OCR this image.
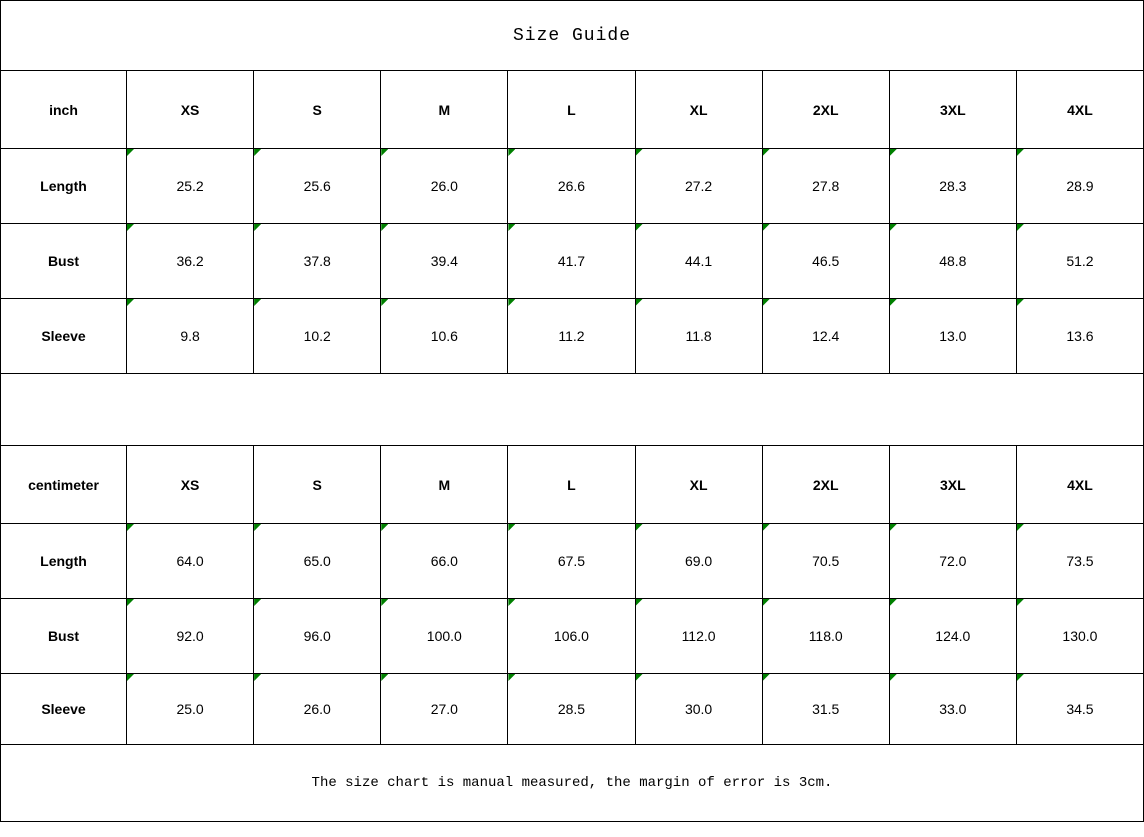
Size Guide								
inch	XS	S	M	L	XL	2XL	3XL	4XL
Length	25.2	25.6	26.0	26.6	27.2	27.8	28.3	28.9
Bust	36.2	37.8	39.4	41.7	44.1	46.5	48.8	51.2
Sleeve	9.8	10.2	10.6	11.2	11.8	12.4	13.0	13.6

centimeter	XS	S	M	L	XL	2XL	3XL	4XL
Length	64.0	65.0	66.0	67.5	69.0	70.5	72.0	73.5
Bust	92.0	96.0	100.0	106.0	112.0	118.0	124.0	130.0
Sleeve	25.0	26.0	27.0	28.5	30.0	31.5	33.0	34.5
The size chart is manual measured, the margin of error is 3cm.								
